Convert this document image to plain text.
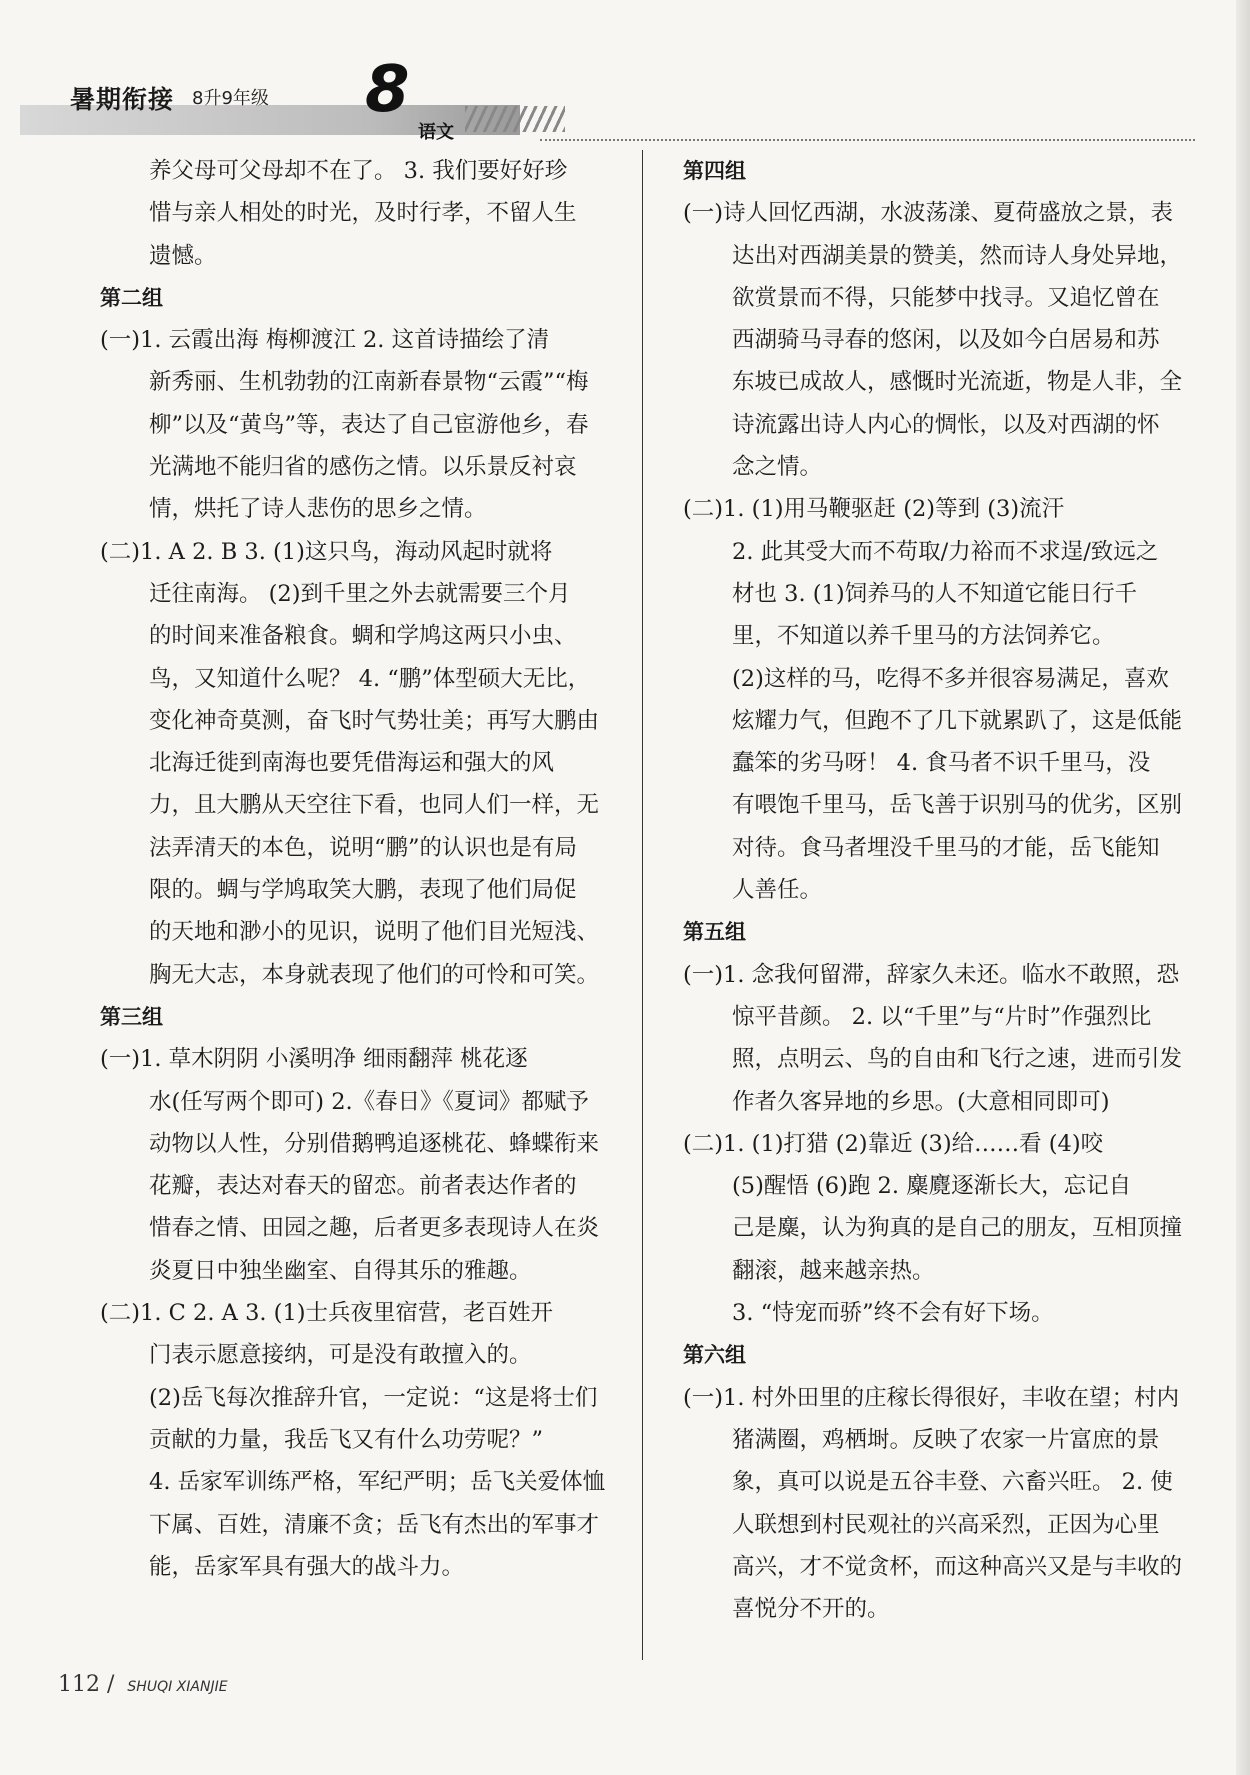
暑期衔接 8升9年级 8
语文
养父母可父母却不在了。 3. 我们要好好珍
惜与亲人相处的时光，及时行孝，不留人生
遗憾。
第二组
(一)1. 云霞出海 梅柳渡江 2. 这首诗描绘了清
新秀丽、生机勃勃的江南新春景物“云霞”“梅
柳”以及“黄鸟”等，表达了自己宦游他乡，春
光满地不能归省的感伤之情。以乐景反衬哀
情，烘托了诗人悲伤的思乡之情。
(二)1. A 2. B 3. (1)这只鸟，海动风起时就将
迁往南海。 (2)到千里之外去就需要三个月
的时间来准备粮食。蜩和学鸠这两只小虫、
鸟，又知道什么呢？ 4. “鹏”体型硕大无比，
变化神奇莫测，奋飞时气势壮美；再写大鹏由
北海迁徙到南海也要凭借海运和强大的风
力，且大鹏从天空往下看，也同人们一样，无
法弄清天的本色，说明“鹏”的认识也是有局
限的。蜩与学鸠取笑大鹏，表现了他们局促
的天地和渺小的见识，说明了他们目光短浅、
胸无大志，本身就表现了他们的可怜和可笑。
第三组
(一)1. 草木阴阴 小溪明净 细雨翻萍 桃花逐
水(任写两个即可) 2.《春日》《夏词》都赋予
动物以人性，分别借鹅鸭追逐桃花、蜂蝶衔来
花瓣，表达对春天的留恋。前者表达作者的
惜春之情、田园之趣，后者更多表现诗人在炎
炎夏日中独坐幽室、自得其乐的雅趣。
(二)1. C 2. A 3. (1)士兵夜里宿营，老百姓开
门表示愿意接纳，可是没有敢擅入的。
(2)岳飞每次推辞升官，一定说：“这是将士们
贡献的力量，我岳飞又有什么功劳呢？”
4. 岳家军训练严格，军纪严明；岳飞关爱体恤
下属、百姓，清廉不贪；岳飞有杰出的军事才
能，岳家军具有强大的战斗力。
第四组
(一)诗人回忆西湖，水波荡漾、夏荷盛放之景，表
达出对西湖美景的赞美，然而诗人身处异地，
欲赏景而不得，只能梦中找寻。又追忆曾在
西湖骑马寻春的悠闲，以及如今白居易和苏
东坡已成故人，感慨时光流逝，物是人非，全
诗流露出诗人内心的惆怅，以及对西湖的怀
念之情。
(二)1. (1)用马鞭驱赶 (2)等到 (3)流汗
2. 此其受大而不苟取/力裕而不求逞/致远之
材也 3. (1)饲养马的人不知道它能日行千
里，不知道以养千里马的方法饲养它。
(2)这样的马，吃得不多并很容易满足，喜欢
炫耀力气，但跑不了几下就累趴了，这是低能
蠢笨的劣马呀！ 4. 食马者不识千里马，没
有喂饱千里马，岳飞善于识别马的优劣，区别
对待。食马者埋没千里马的才能，岳飞能知
人善任。
第五组
(一)1. 念我何留滞，辞家久未还。临水不敢照，恐
惊平昔颜。 2. 以“千里”与“片时”作强烈比
照，点明云、鸟的自由和飞行之速，进而引发
作者久客异地的乡思。(大意相同即可)
(二)1. (1)打猎 (2)靠近 (3)给……看 (4)咬
(5)醒悟 (6)跑 2. 麋麑逐渐长大，忘记自
己是麋，认为狗真的是自己的朋友，互相顶撞
翻滚，越来越亲热。
3. “恃宠而骄”终不会有好下场。
第六组
(一)1. 村外田里的庄稼长得很好，丰收在望；村内
猪满圈，鸡栖埘。反映了农家一片富庶的景
象，真可以说是五谷丰登、六畜兴旺。 2. 使
人联想到村民观社的兴高采烈，正因为心里
高兴，才不觉贪杯，而这种高兴又是与丰收的
喜悦分不开的。
112 / SHUQI XIANJIE
